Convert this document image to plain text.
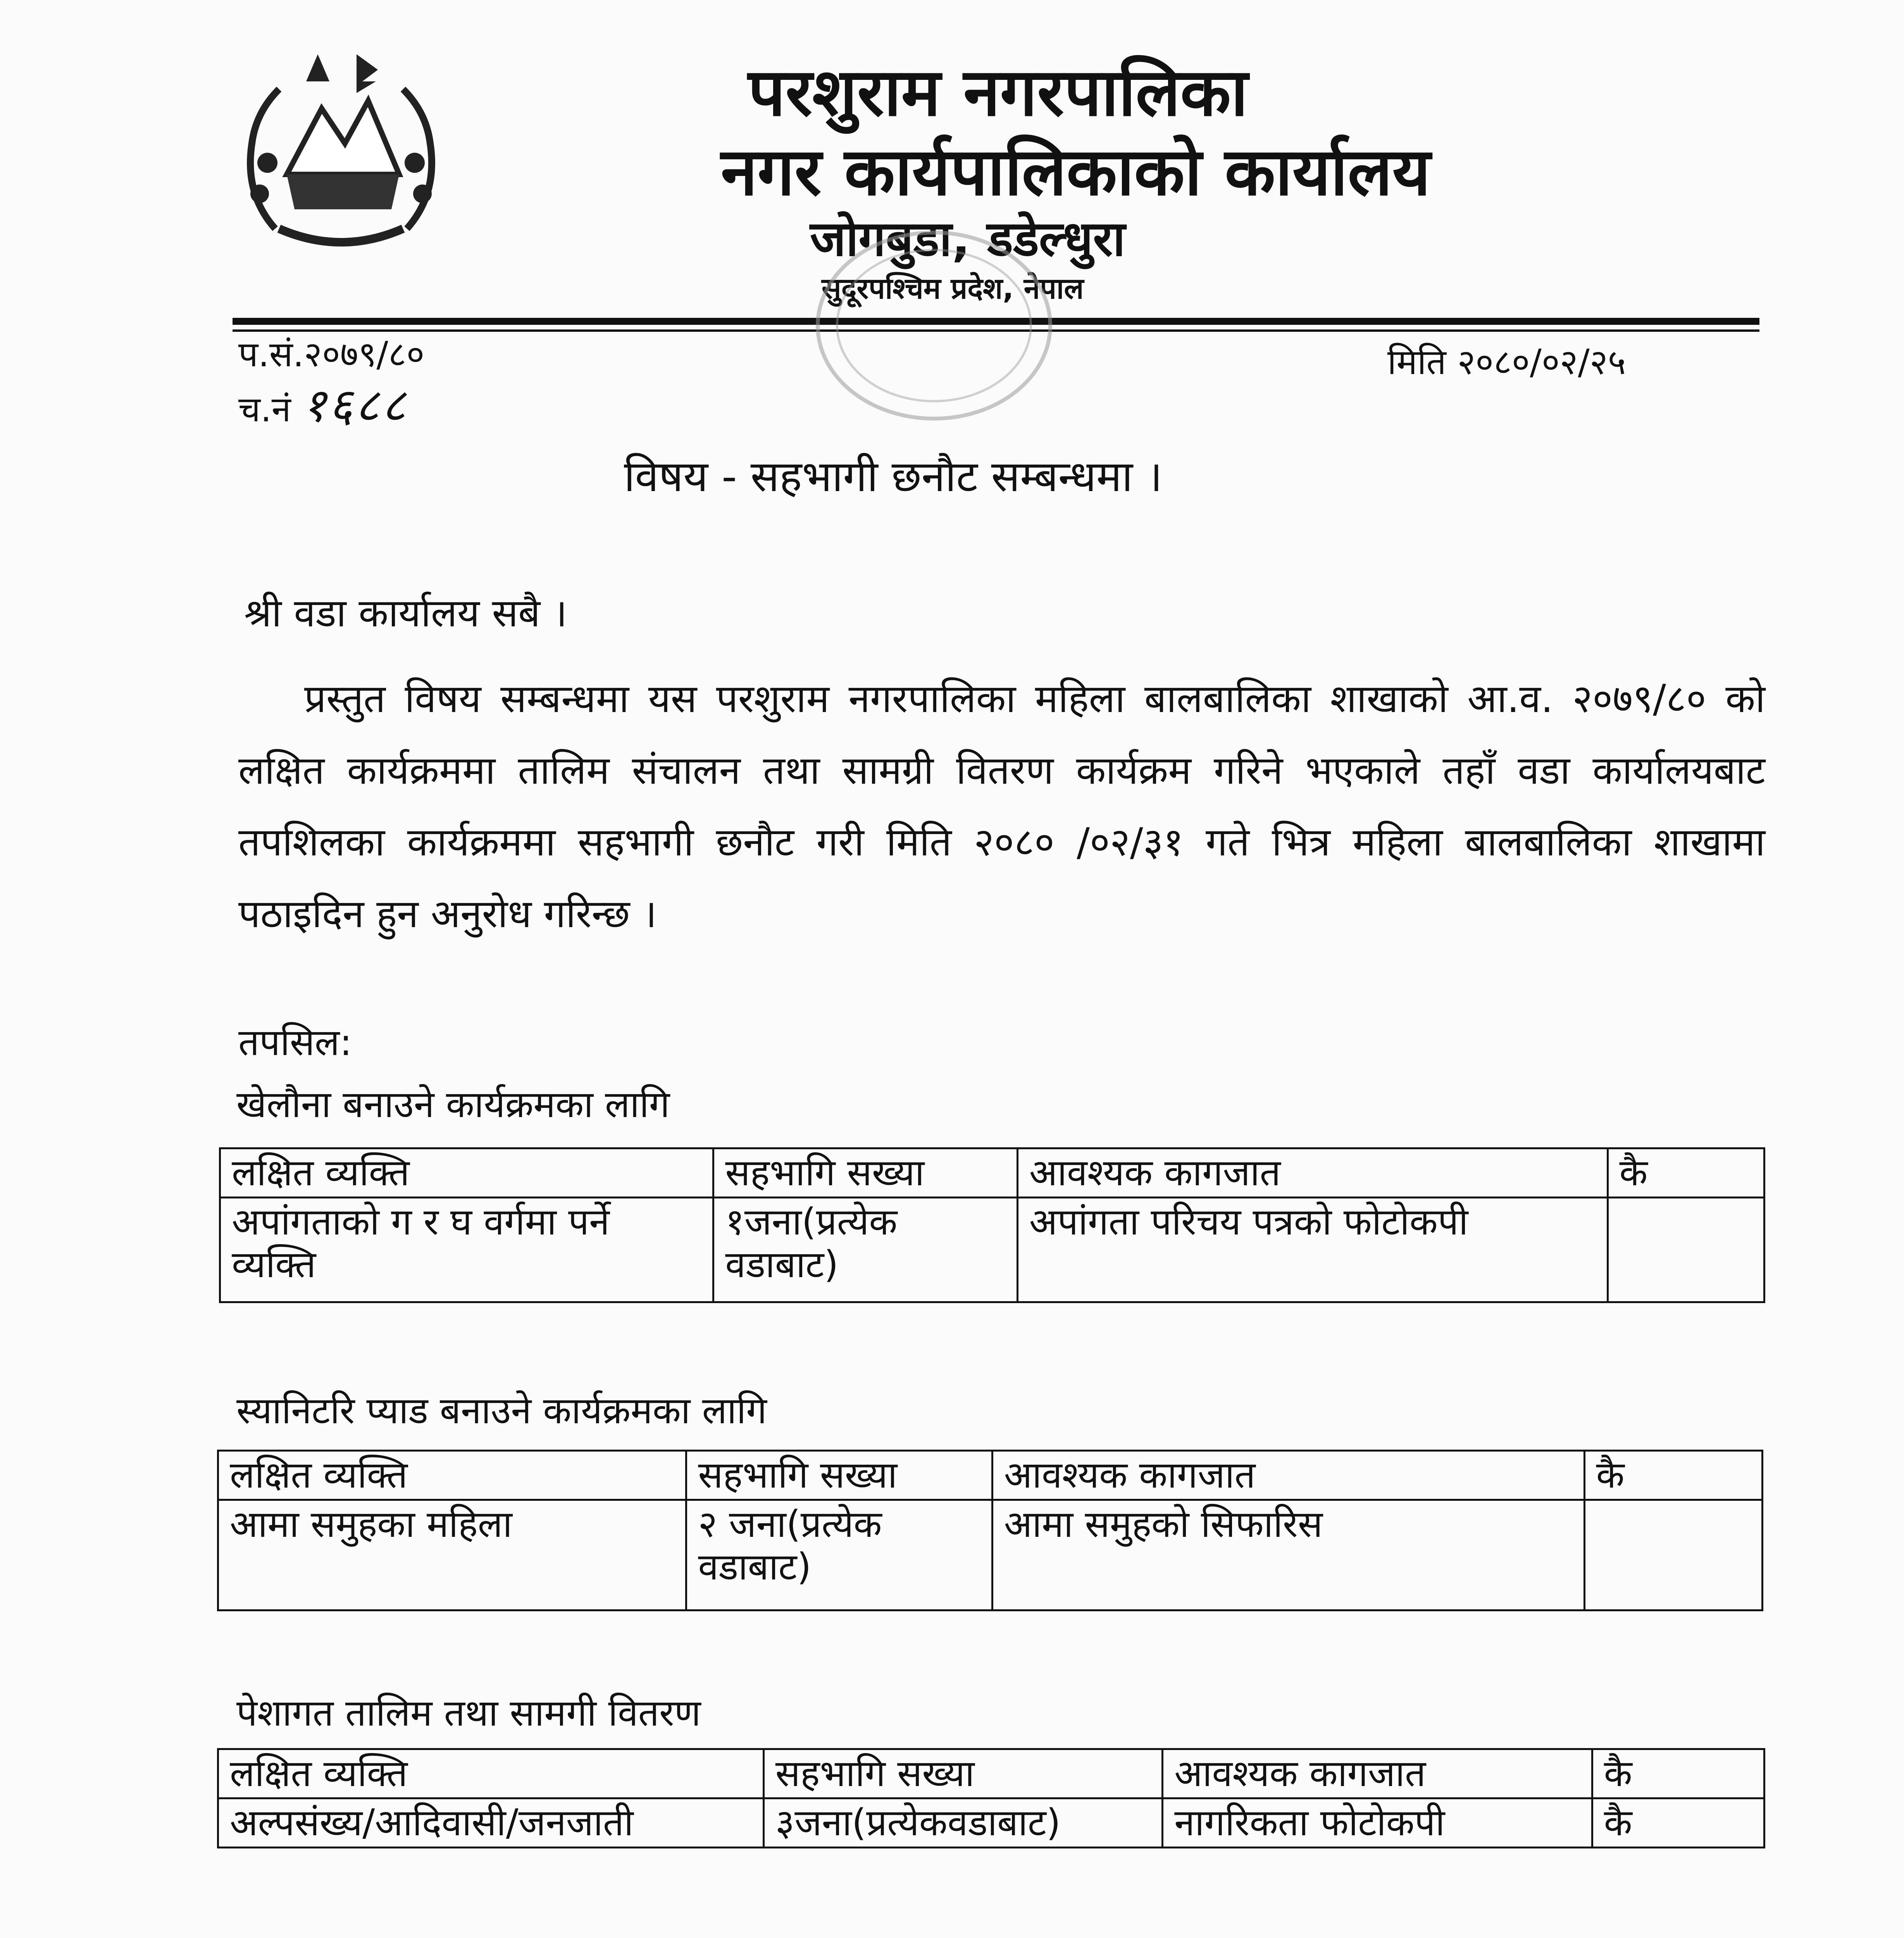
परशुराम नगरपालिका
नगर कार्यपालिकाको कार्यालय
जोगबुडा, डडेल्धुरा
सुदूरपश्चिम प्रदेश, नेपाल
प.सं.२०७९/८०
च.नं १६८८
मिति २०८०/०२/२५
विषय - सहभागी छनौट सम्बन्धमा ।
श्री वडा कार्यालय सबै ।
प्रस्तुत विषय सम्बन्धमा यस परशुराम नगरपालिका महिला बालबालिका शाखाको आ.व. २०७९/८० को लक्षित कार्यक्रममा तालिम संचालन तथा सामग्री वितरण कार्यक्रम गरिने भएकाले तहाँ वडा कार्यालयबाट तपशिलका कार्यक्रममा सहभागी छनौट गरी मिति २०८० /०२/३१ गते भित्र महिला बालबालिका शाखामा पठाइदिन हुन अनुरोध गरिन्छ ।
तपसिल:
खेलौना बनाउने कार्यक्रमका लागि
लक्षित व्यक्ति	सहभागि सख्या	आवश्यक कागजात	कै
अपांगताको ग र घ वर्गमा पर्ने व्यक्ति	१जना(प्रत्येक वडाबाट)	अपांगता परिचय पत्रको फोटोकपी	
स्यानिटरि प्याड बनाउने कार्यक्रमका लागि
लक्षित व्यक्ति	सहभागि सख्या	आवश्यक कागजात	कै
आमा समुहका महिला	२ जना(प्रत्येक वडाबाट)	आमा समुहको सिफारिस	
पेशागत तालिम तथा सामगी वितरण
लक्षित व्यक्ति	सहभागि सख्या	आवश्यक कागजात	कै
अल्पसंख्य/आदिवासी/जनजाती	३जना(प्रत्येकवडाबाट)	नागरिकता फोटोकपी	कै
